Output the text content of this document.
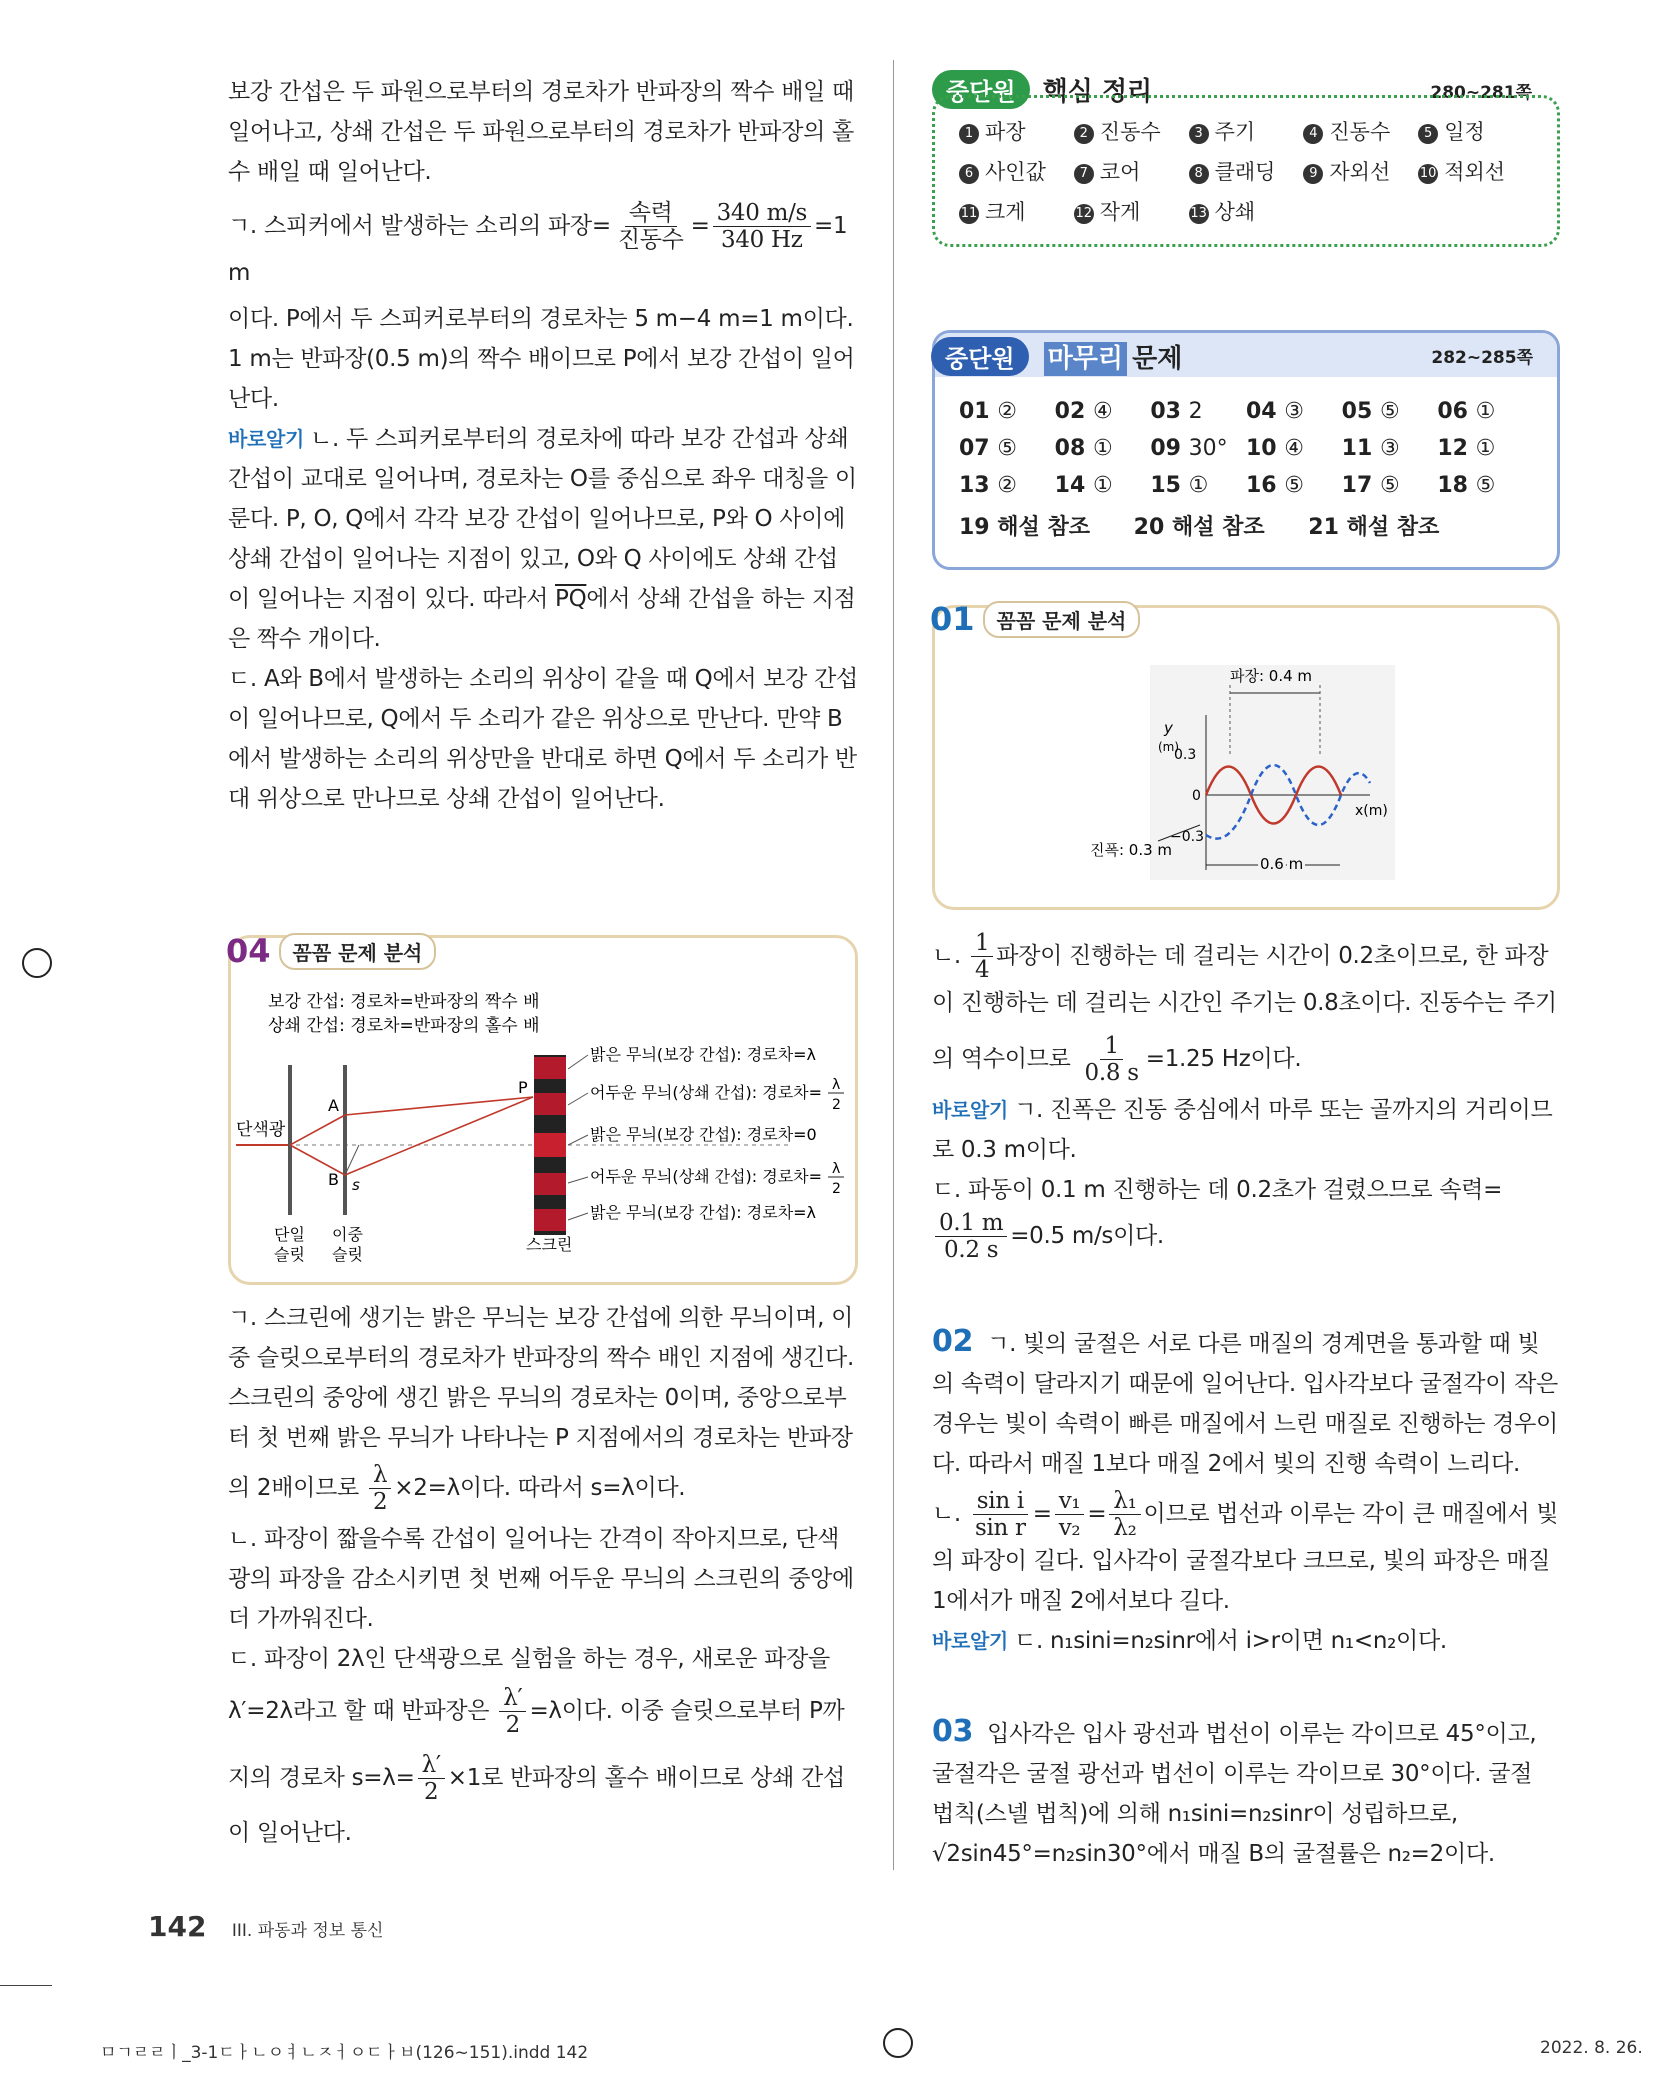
보강 간섭은 두 파원으로부터의 경로차가 반파장의 짝수 배일 때 일어나고, 상쇄 간섭은 두 파원으로부터의 경로차가 반파장의 홀수 배일 때 일어난다.

ㄱ. 스피커에서 발생하는 소리의 파장= $\frac{\text{속력}}{\text{진동수}} = \frac{340 m/s}{340 Hz} =1$ m

이다. P에서 두 스피커로부터의 경로차는 5 m−4 m=1 m이다. 1 m는 반파장(0.5 m)의 짝수 배이므로 P에서 보강 간섭이 일어난다.

바로알기 ㄴ. 두 스피커로부터의 경로차에 따라 보강 간섭과 상쇄 간섭이 교대로 일어나며, 경로차는 O를 중심으로 좌우 대칭을 이룬다. P, O, Q에서 각각 보강 간섭이 일어나므로, P와 O 사이에 상쇄 간섭이 일어나는 지점이 있고, O와 Q 사이에도 상쇄 간섭이 일어나는 지점이 있다. 따라서 $\overline{PQ}$에서 상쇄 간섭을 하는 지점은 짝수 개이다.

ㄷ. A와 B에서 발생하는 소리의 위상이 같을 때 Q에서 보강 간섭이 일어나므로, Q에서 두 소리가 같은 위상으로 만난다. 만약 B에서 발생하는 소리의 위상만을 반대로 하면 Q에서 두 소리가 반대 위상으로 만나므로 상쇄 간섭이 일어난다.

04	꼼꼼 문제 분석
보강 간섭: 경로차=반파장의 짝수 배
상쇄 간섭: 경로차=반파장의 홀수 배
단색광
A
B s
P
단일
슬릿
이중
슬릿
스크린
밝은 무늬(보강 간섭): 경로차=λ
어두운 무늬(상쇄 간섭): 경로차= λ
2
밝은 무늬(보강 간섭): 경로차=0
어두운 무늬(상쇄 간섭): 경로차= λ
2
밝은 무늬(보강 간섭): 경로차=λ

ㄱ. 스크린에 생기는 밝은 무늬는 보강 간섭에 의한 무늬이며, 이중 슬릿으로부터의 경로차가 반파장의 짝수 배인 지점에 생긴다. 스크린의 중앙에 생긴 밝은 무늬의 경로차는 0이며, 중앙으로부터 첫 번째 밝은 무늬가 나타나는 P 지점에서의 경로차는 반파장

의 2배이므로 $\frac{\lambda}{2} \times 2=\lambda$이다. 따라서 s=λ이다.

ㄴ. 파장이 짧을수록 간섭이 일어나는 간격이 작아지므로, 단색광의 파장을 감소시키면 첫 번째 어두운 무늬의 스크린의 중앙에 더 가까워진다.

ㄷ. 파장이 2λ인 단색광으로 실험을 하는 경우, 새로운 파장을

λ′=2λ라고 할 때 반파장은 $\frac{\lambda'}{2} =\lambda$이다. 이중 슬릿으로부터 P까

지의 경로차 $s=\lambda= \frac{\lambda'}{2} \times 1$로 반파장의 홀수 배이므로 상쇄 간섭

이 일어난다.

중단원 핵심 정리	280~281쪽
1 파장	2 진동수	3 주기	4 진동수	5 일정
6 사인값	7 코어	8 클래딩	9 자외선	10 적외선
11 크게	12 작게	13 상쇄
중단원 마무리 문제	282~285쪽
01 ②	02 ④	03 2	04 ③	05 ⑤	06 ①
07 ⑤	08 ①	09 30° 10 ④	11 ③	12 ①
13 ②	14 ①	15 ①	16 ⑤	17 ⑤	18 ⑤
19 해설 참조 20 해설 참조 21 해설 참조
01	꼼꼼 문제 분석
파장: 0.4 m
y
(m)
0.3
0
−0.3
x(m)
진폭: 0.3 m
0.6 m

ㄴ. $\frac{1}{4}$ 파장이 진행하는 데 걸리는 시간이 0.2초이므로, 한 파장이 진행하는 데 걸리는 시간인 주기는 0.8초이다. 진동수는 주기

의 역수이므로 $\frac{1}{0.8 s} =1.25$ Hz이다.

바로알기 ㄱ. 진폭은 진동 중심에서 마루 또는 골까지의 거리이므로 0.3 m이다.

ㄷ. 파동이 0.1 m 진행하는 데 0.2초가 걸렸으므로 속력=

$\frac{0.1 m}{0.2 s} =0.5$ m/s이다.

02 ㄱ. 빛의 굴절은 서로 다른 매질의 경계면을 통과할 때 빛의 속력이 달라지기 때문에 일어난다. 입사각보다 굴절각이 작은 경우는 빛이 속력이 빠른 매질에서 느린 매질로 진행하는 경우이다. 따라서 매질 1보다 매질 2에서 빛의 진행 속력이 느리다.

ㄴ. $\frac{\text{sin i}}{\text{sin r}} = \frac{\text{v₁}}{\text{v₂}} = \frac{\text{λ₁}}{\text{λ₂}}$ 이므로 법선과 이루는 각이 큰 매질에서 빛의 파장이 길다. 입사각이 굴절각보다 크므로, 빛의 파장은 매질 1에서가 매질 2에서보다 길다.

바로알기 ㄷ. n₁sini=n₂sinr에서 i>r이면 n₁<n₂이다.

03 입사각은 입사 광선과 법선이 이루는 각이므로 45°이고, 굴절각은 굴절 광선과 법선이 이루는 각이므로 30°이다. 굴절 법칙(스넬 법칙)에 의해 n₁sini=n₂sinr이 성립하므로, √2sin45°=n₂sin30°에서 매질 B의 굴절률은 n₂=2이다.

142 III. 파동과 정보 통신
ㅁㄱㄹㄹㅣ_3-1ㄷㅏㄴㅇㅕㄴㅈㅓㅇㄷㅏㅂ(126~151).indd 142	2022. 8. 26.
